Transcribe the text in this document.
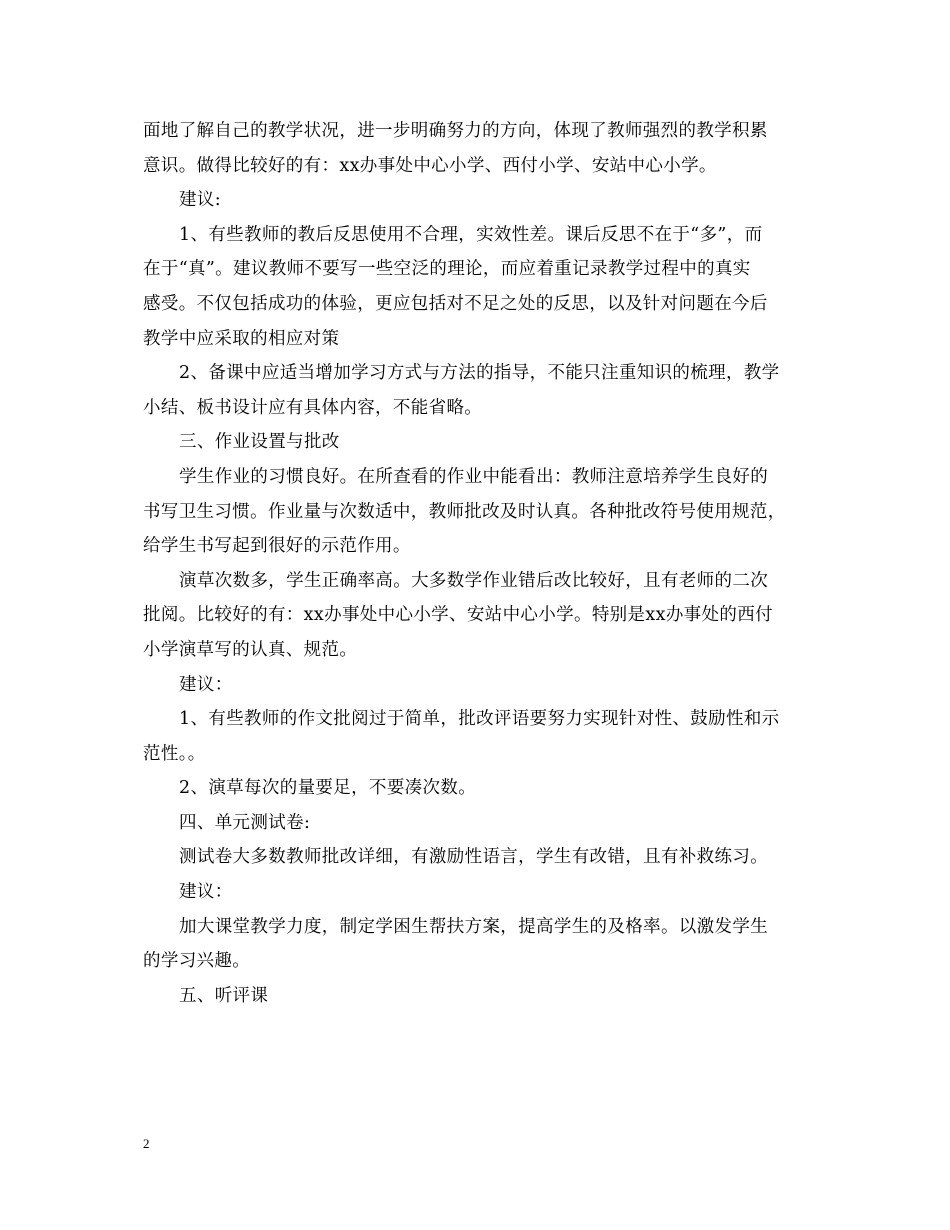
面地了解自己的教学状况，进一步明确努力的方向，体现了教师强烈的教学积累
意识。做得比较好的有：xx办事处中心小学、西付小学、安站中心小学。
建议:
1、有些教师的教后反思使用不合理，实效性差。课后反思不在于“多”，而
在于“真”。建议教师不要写一些空泛的理论，而应着重记录教学过程中的真实
感受。不仅包括成功的体验，更应包括对不足之处的反思，以及针对问题在今后
教学中应采取的相应对策
2、备课中应适当增加学习方式与方法的指导，不能只注重知识的梳理，教学
小结、板书设计应有具体内容，不能省略。
三、作业设置与批改
学生作业的习惯良好。在所查看的作业中能看出：教师注意培养学生良好的
书写卫生习惯。作业量与次数适中，教师批改及时认真。各种批改符号使用规范，
给学生书写起到很好的示范作用。
演草次数多，学生正确率高。大多数学作业错后改比较好，且有老师的二次
批阅。比较好的有：xx办事处中心小学、安站中心小学。特别是xx办事处的西付
小学演草写的认真、规范。
建议：
1、有些教师的作文批阅过于简单，批改评语要努力实现针对性、鼓励性和示
范性。。
2、演草每次的量要足，不要凑次数。
四、单元测试卷:
测试卷大多数教师批改详细，有激励性语言，学生有改错，且有补救练习。
建议：
加大课堂教学力度，制定学困生帮扶方案，提高学生的及格率。以激发学生
的学习兴趣。
五、听评课
2
